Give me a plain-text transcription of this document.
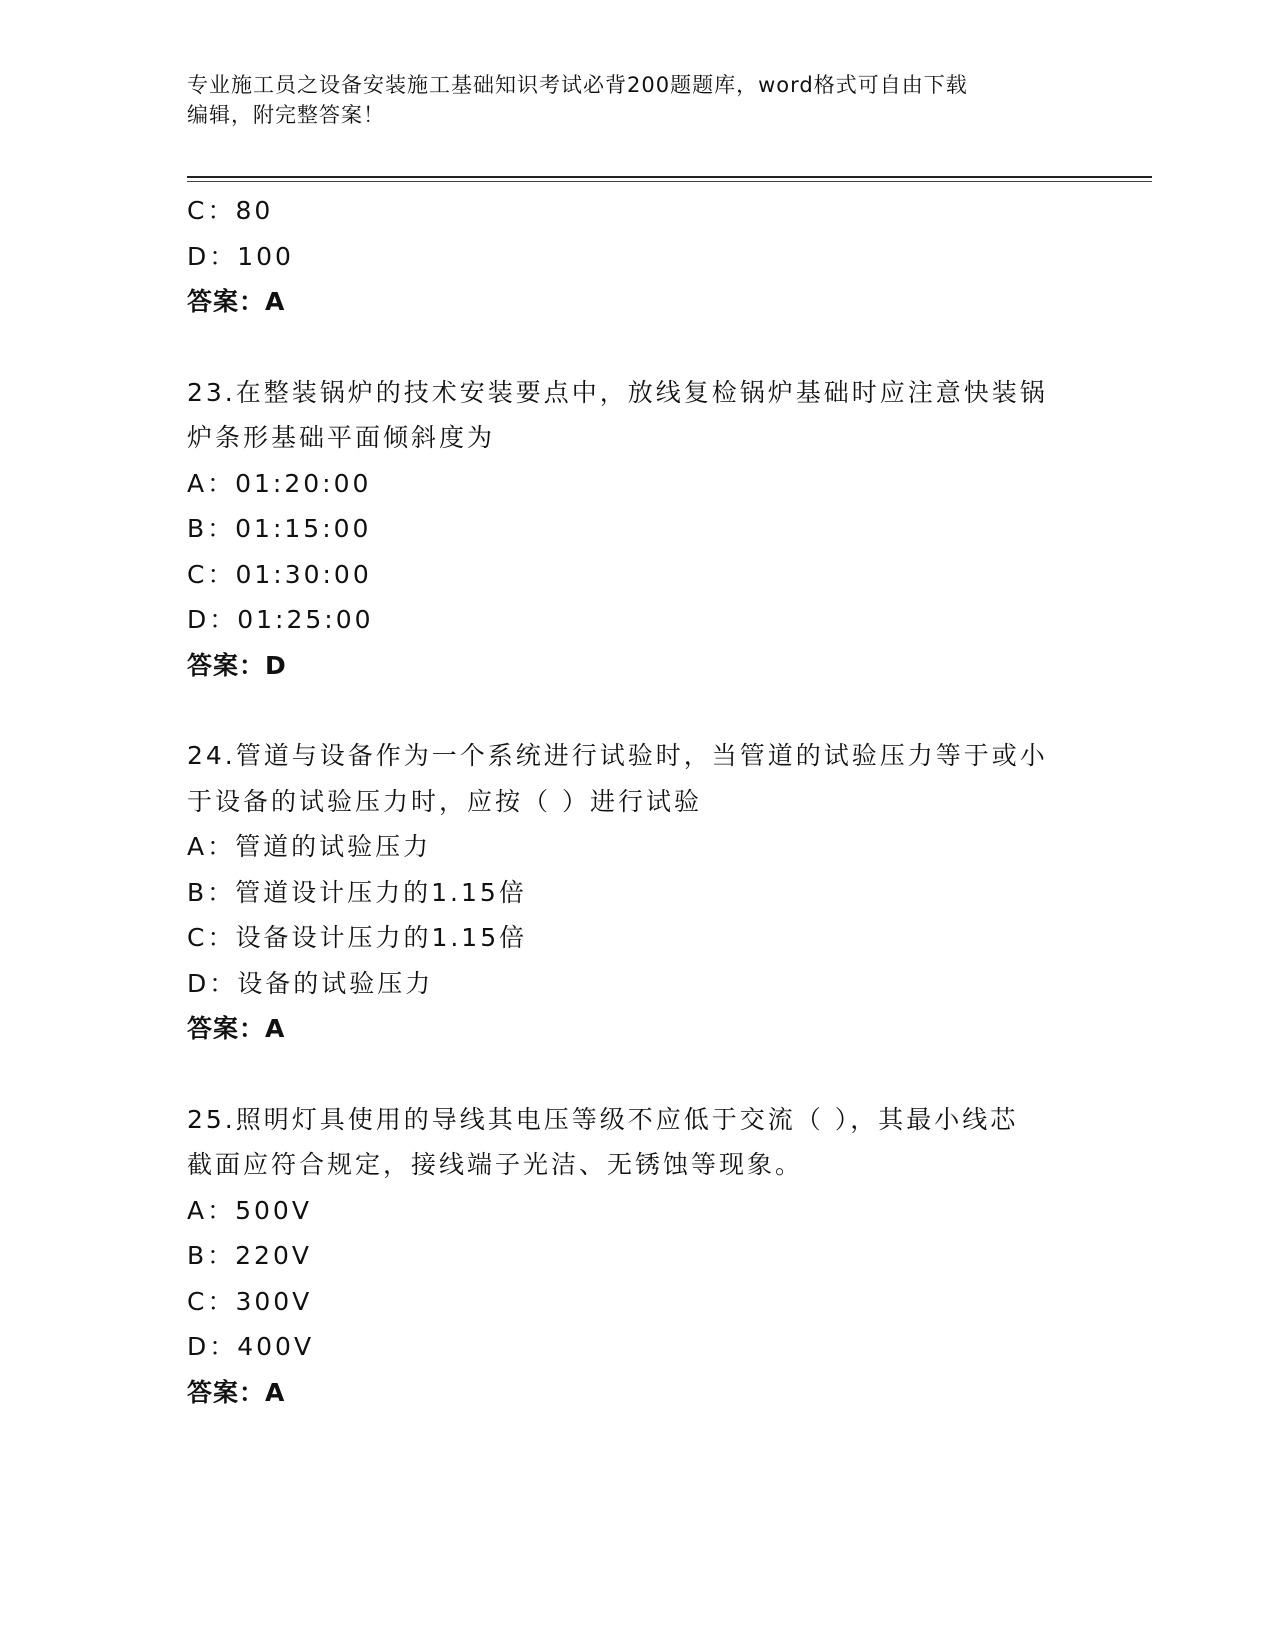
专业施工员之设备安装施工基础知识考试必背200题题库，word格式可自由下载
编辑，附完整答案！
C：80
D：100
答案：A
23.在整装锅炉的技术安装要点中，放线复检锅炉基础时应注意快装锅
炉条形基础平面倾斜度为
A：01:20:00
B：01:15:00
C：01:30:00
D：01:25:00
答案：D
24.管道与设备作为一个系统进行试验时，当管道的试验压力等于或小
于设备的试验压力时，应按（ ）进行试验
A：管道的试验压力
B：管道设计压力的1.15倍
C：设备设计压力的1.15倍
D：设备的试验压力
答案：A
25.照明灯具使用的导线其电压等级不应低于交流（ ），其最小线芯
截面应符合规定，接线端子光洁、无锈蚀等现象。
A：500V
B：220V
C：300V
D：400V
答案：A
